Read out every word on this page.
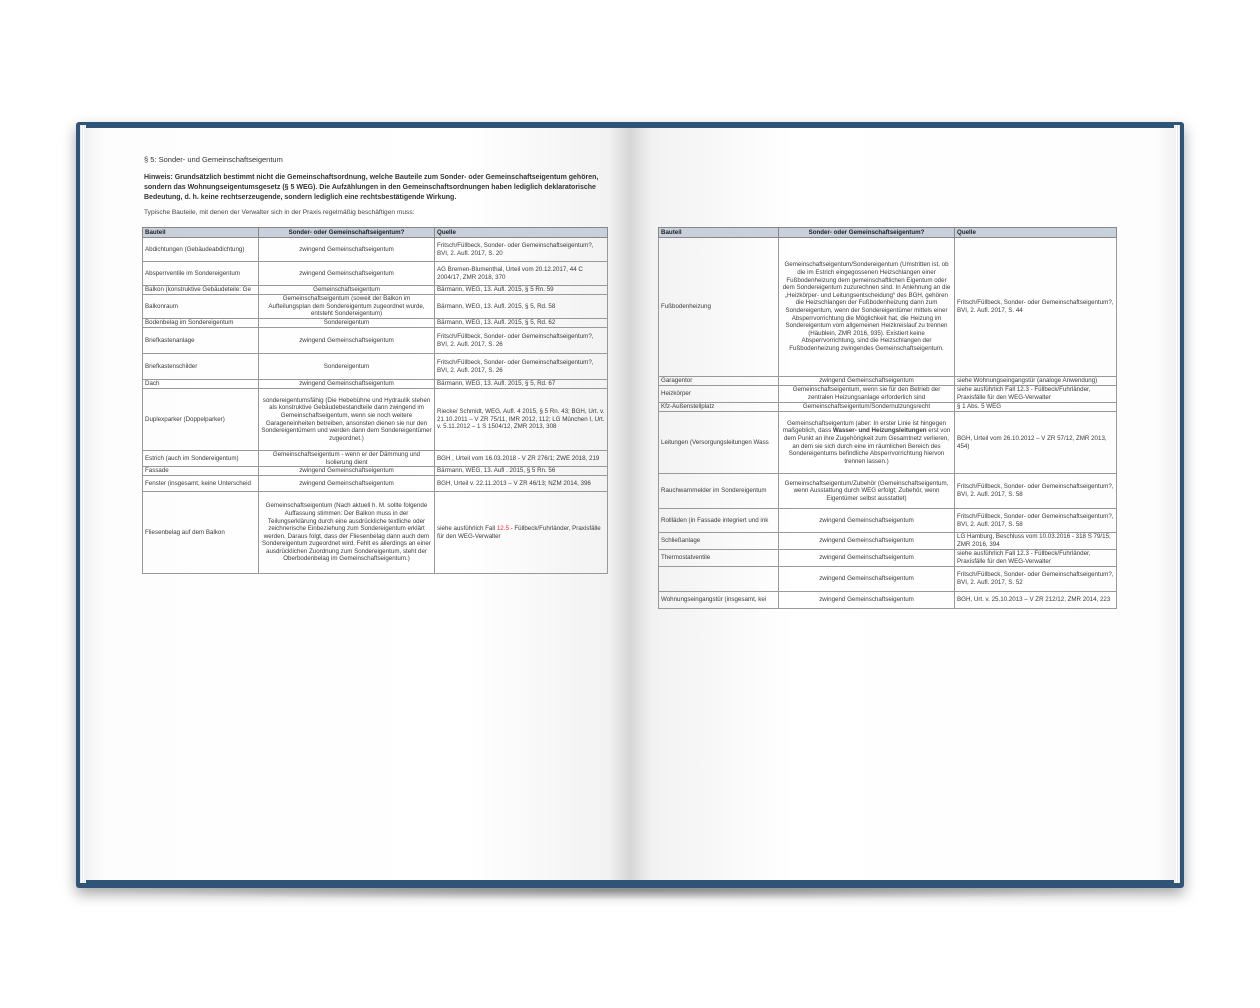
§ 5: Sonder- und Gemeinschaftseigentum
Hinweis: Grundsätzlich bestimmt nicht die Gemeinschaftsordnung, welche Bauteile zum Sonder- oder Gemeinschaftseigentum gehören, sondern das Wohnungseigentumsgesetz (§ 5 WEG). Die Aufzählungen in den Gemeinschaftsordnungen haben lediglich deklaratorische Bedeutung, d. h. keine rechtserzeugende, sondern lediglich eine rechtsbestätigende Wirkung.
Typische Bauteile, mit denen der Verwalter sich in der Praxis regelmäßig beschäftigen muss:
Bauteil	Sonder- oder Gemeinschaftseigentum?	Quelle
Abdichtungen (Gebäudeabdichtung)	zwingend Gemeinschaftseigentum	Fritsch/Füllbeck, Sonder- oder Gemeinschaftseigentum?, BVI, 2. Aufl. 2017, S. 20
Absperrventile im Sondereigentum	zwingend Gemeinschaftseigentum	AG Bremen-Blumenthal, Urteil vom 20.12.2017, 44 C 2004/17, ZMR 2018, 370
Balkon (konstruktive Gebäudeteile: Ge	Gemeinschaftseigentum	Bärmann, WEG, 13. Aufl. 2015, § 5 Rn. 59
Balkonraum	Gemeinschaftseigentum (soweit der Balkon im Aufteilungsplan dem Sondereigentum zugeordnet wurde, entsteht Sondereigentum)	Bärmann, WEG, 13. Aufl. 2015, § 5, Rd. 58
Bodenbelag im Sondereigentum	Sondereigentum	Bärmann, WEG, 13. Aufl. 2015, § 5, Rd. 62
Briefkastenanlage	zwingend Gemeinschaftseigentum	Fritsch/Füllbeck, Sonder- oder Gemeinschaftseigentum?, BVI, 2. Aufl. 2017, S. 26
Briefkastenschilder	Sondereigentum	Fritsch/Füllbeck, Sonder- oder Gemeinschaftseigentum?, BVI, 2. Aufl. 2017, S. 26
Dach	zwingend Gemeinschaftseigentum	Bärmann, WEG, 13. Aufl. 2015, § 5, Rd. 67
Duplexparker (Doppelparker)	sondereigentumsfähig (Die Hebebühne und Hydraulik stehen als konstruktive Gebäudebestandteile dann zwingend im Gemeinschaftseigentum, wenn sie noch weitere Garageneinheiten betreiben, ansonsten dienen sie nur den Sondereigentümern und werden dann dem Sondereigentümer zugeordnet.)	Riecke/ Schmidt, WEG, Aufl. 4 2015, § 5 Rn. 43; BGH, Urt. v. 21.10.2011 – V ZR 75/11, IMR 2012, 112; LG München I, Urt. v. 5.11.2012 – 1 S 1504/12, ZMR 2013, 308
Estrich (auch im Sondereigentum)	Gemeinschaftseigentum - wenn er der Dämmung und Isolierung dient	BGH , Urteil vom 16.03.2018 - V ZR 276/1; ZWE 2018, 219
Fassade	zwingend Gemeinschaftseigentum	Bärmann, WEG, 13. Aufl . 2015, § 5 Rn. 56
Fenster (insgesamt, keine Unterscheid	zwingend Gemeinschaftseigentum	BGH, Urteil v. 22.11.2013 – V ZR 46/13; NZM 2014, 396
Fliesenbelag auf dem Balkon	Gemeinschaftseigentum (Nach aktuell h. M. sollte folgende Auffassung stimmen: Der Balkon muss in der Teilungserklärung durch eine ausdrückliche textliche oder zeichnerische Einbeziehung zum Sondereigentum erklärt werden. Daraus folgt, dass der Fliesenbelag dann auch dem Sondereigentum zugeordnet wird. Fehlt es allerdings an einer ausdrücklichen Zuordnung zum Sondereigentum, steht der Oberbodenbelag im Gemeinschaftseigentum.)	siehe ausführlich Fall 12.5 - Füllbeck/Fuhrländer, Praxisfälle für den WEG-Verwalter
Bauteil	Sonder- oder Gemeinschaftseigentum?	Quelle
Fußbodenheizung	Gemeinschaftseigentum/Sondereigentum (Umstritten ist, ob die im Estrich eingegossenen Heizschlangen einer Fußbodenheizung dem gemeinschaftlichen Eigentum oder dem Sondereigentum zuzurechnen sind. In Anlehnung an die „Heizkörper- und Leitungsentscheidung“ des BGH, gehören die Heizschlangen der Fußbodenheizung dann zum Sondereigentum, wenn der Sondereigentümer mittels einer Absperrvorrichtung die Möglichkeit hat, die Heizung im Sondereigentum vom allgemeinen Heizkreislauf zu trennen (Häublein, ZMR 2016, 935). Existiert keine Absperrvorrichtung, sind die Heizschlangen der Fußbodenheizung zwingendes Gemeinschaftseigentum.	Fritsch/Füllbeck, Sonder- oder Gemeinschaftseigentum?, BVI, 2. Aufl. 2017, S. 44
Garagentor	zwingend Gemeinschaftseigentum	siehe Wohnungseingangstür (analoge Anwendung)
Heizkörper	Gemeinschaftseigentum, wenn sie für den Betrieb der zentralen Heizungsanlage erforderlich sind	siehe ausführlich Fall 12.3 - Füllbeck/Fuhrländer, Praxisfälle für den WEG-Verwalter
Kfz-Außenstellplatz	Gemeinschaftseigentum/Sondernutzungsrecht	§ 1 Abs. 5 WEG
Leitungen (Versorgungsleitungen Wass	Gemeinschaftseigentum (aber: In erster Linie ist hingegen maßgeblich, dass Wasser- und Heizungsleitungen erst von dem Punkt an ihre Zugehörigkeit zum Gesamtnetz verlieren, an dem sie sich durch eine im räumlichen Bereich des Sondereigentums befindliche Absperrvorrichtung hiervon trennen lassen.)	BGH, Urteil vom 26.10.2012 – V ZR 57/12, ZMR 2013, 454)
Rauchwarnmelder im Sondereigentum	Gemeinschaftseigentum/Zubehör (Gemeinschaftseigentum, wenn Ausstattung durch WEG erfolgt; Zubehör, wenn Eigentümer selbst ausstattet)	Fritsch/Füllbeck, Sonder- oder Gemeinschaftseigentum?, BVI, 2. Aufl. 2017, S. 58
Rollläden (in Fassade integriert und ink	zwingend Gemeinschaftseigentum	Fritsch/Füllbeck, Sonder- oder Gemeinschaftseigentum?, BVI, 2. Aufl. 2017, S. 58
Schließanlage	zwingend Gemeinschaftseigentum	LG Hamburg, Beschluss vom 10.03.2016 - 318 S 79/15; ZMR 2016, 394
Thermostatventile	zwingend Gemeinschaftseigentum	siehe ausführlich Fall 12.3 - Füllbeck/Fuhrländer, Praxisfälle für den WEG-Verwalter
	zwingend Gemeinschaftseigentum	Fritsch/Füllbeck, Sonder- oder Gemeinschaftseigentum?, BVI, 2. Aufl. 2017, S. 52
Wohnungseingangstür (insgesamt, kei	zwingend Gemeinschaftseigentum	BGH, Urt. v. 25.10.2013 – V ZR 212/12, ZMR 2014, 223
